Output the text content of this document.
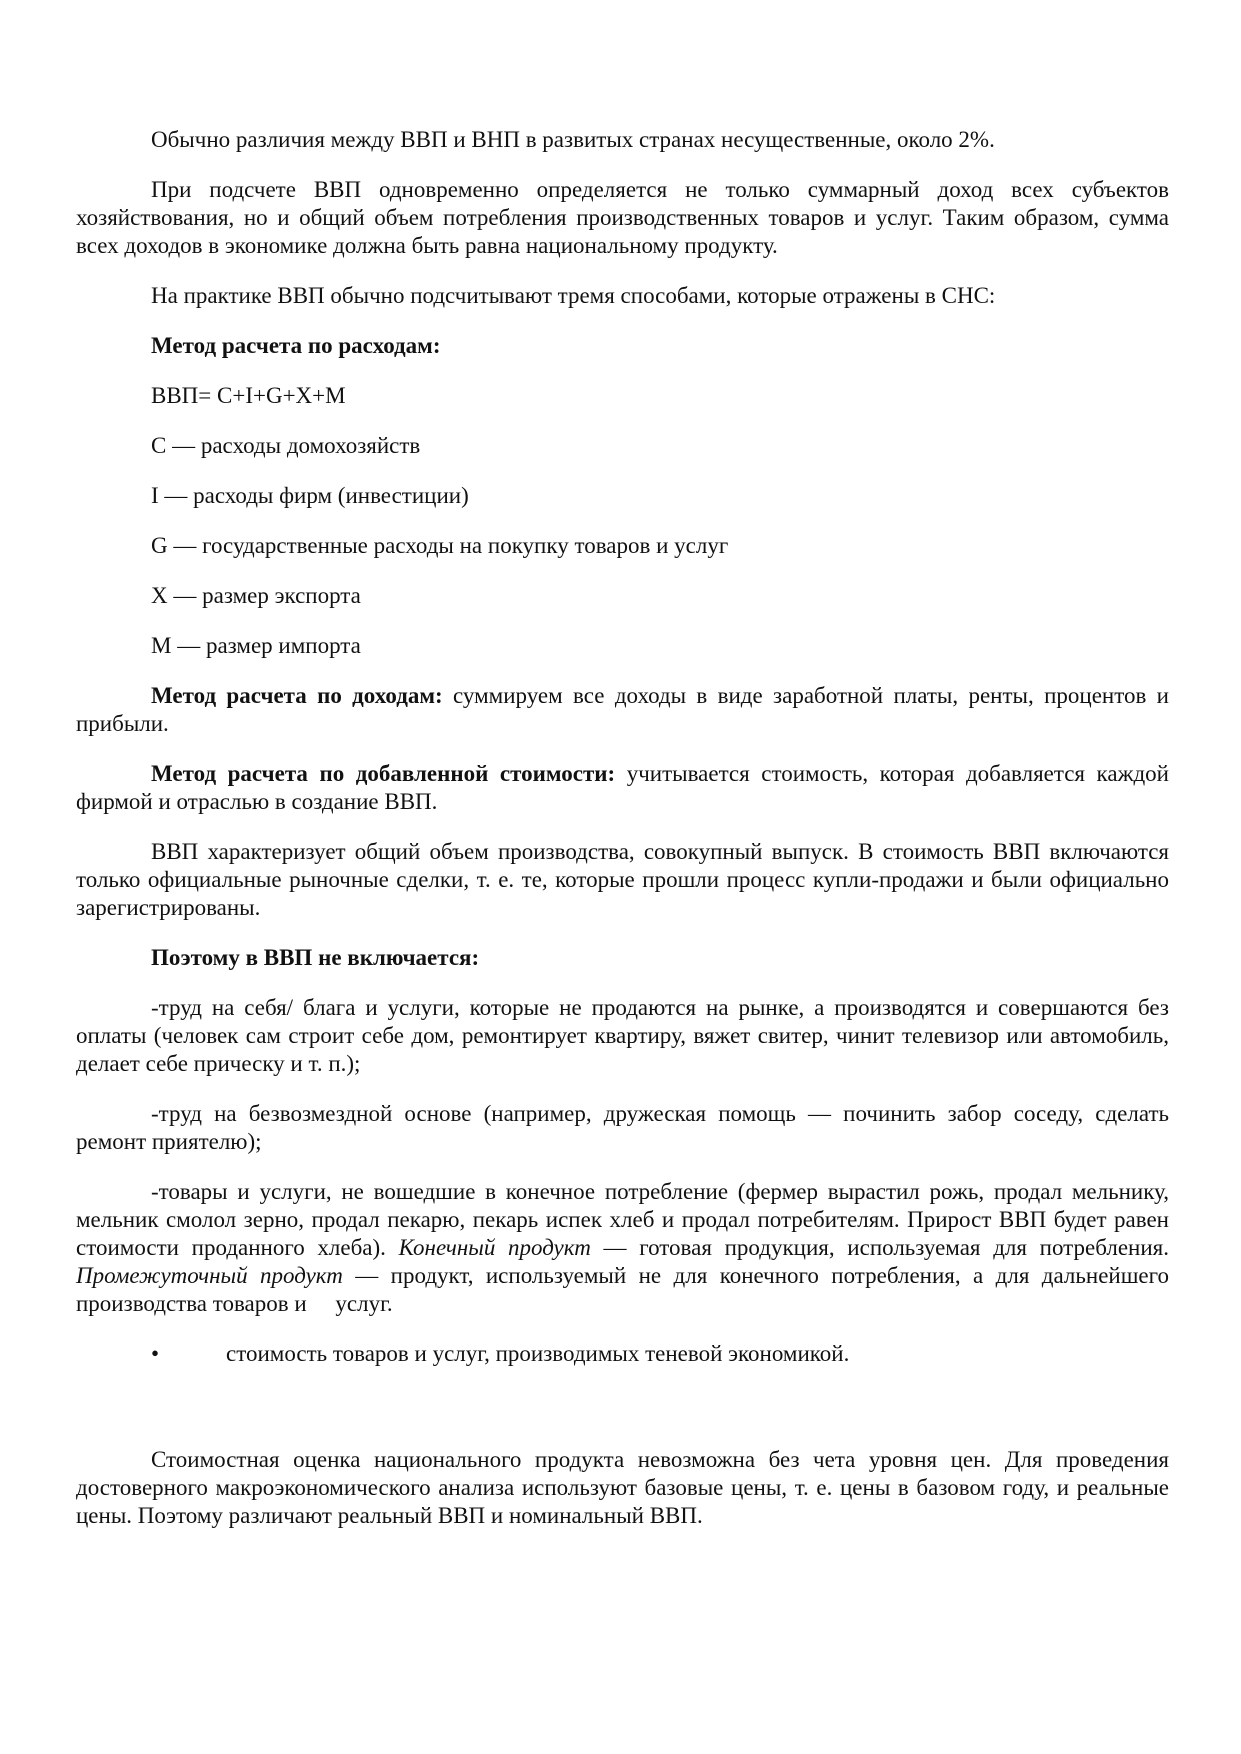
Обычно различия между ВВП и ВНП в развитых странах несущественные, около 2%.

При подсчете ВВП одновременно определяется не только суммарный доход всех субъектов хозяйствования, но и общий объем потребления производственных товаров и услуг. Таким образом, сумма всех доходов в экономике должна быть равна национальному продукту.

На практике ВВП обычно подсчитывают тремя способами, которые отражены в СНС:

Метод расчета по расходам:

ВВП= C+I+G+X+M

С — расходы домохозяйств

I — расходы фирм (инвестиции)

G — государственные расходы на покупку товаров и услуг

X — размер экспорта

M — размер импорта

Метод расчета по доходам: суммируем все доходы в виде заработной платы, ренты, процентов и прибыли.

Метод расчета по добавленной стоимости: учитывается стоимость, которая добавляется каждой фирмой и отраслью в создание ВВП.

ВВП характеризует общий объем производства, совокупный выпуск. В стоимость ВВП включаются только официальные рыночные сделки, т. е. те, которые прошли процесс купли-продажи и были официально зарегистрированы.

Поэтому в ВВП не включается:

-труд на себя/ блага и услуги, которые не продаются на рынке, а производятся и совершаются без оплаты (человек сам строит себе дом, ремонтирует квартиру, вяжет свитер, чинит телевизор или автомобиль, делает себе прическу и т. п.);

-труд на безвозмездной основе (например, дружеская помощь — починить забор соседу, сделать ремонт приятелю);

-товары и услуги, не вошедшие в конечное потребление (фермер вырастил рожь, продал мельнику, мельник смолол зерно, продал пекарю, пекарь испек хлеб и продал потребителям. Прирост ВВП будет равен стоимости проданного хлеба). Конечный продукт — готовая продукция, используемая для потребления. Промежуточный продукт — продукт, используемый не для конечного потребления, а для дальнейшего производства товаров и     услуг.

•	стоимость товаров и услуг, производимых теневой экономикой.

Стоимостная оценка национального продукта невозможна без чета уровня цен. Для проведения достоверного макроэкономического анализа используют базовые цены, т. е. цены в базовом году, и реальные цены. Поэтому различают реальный ВВП и номинальный ВВП.
